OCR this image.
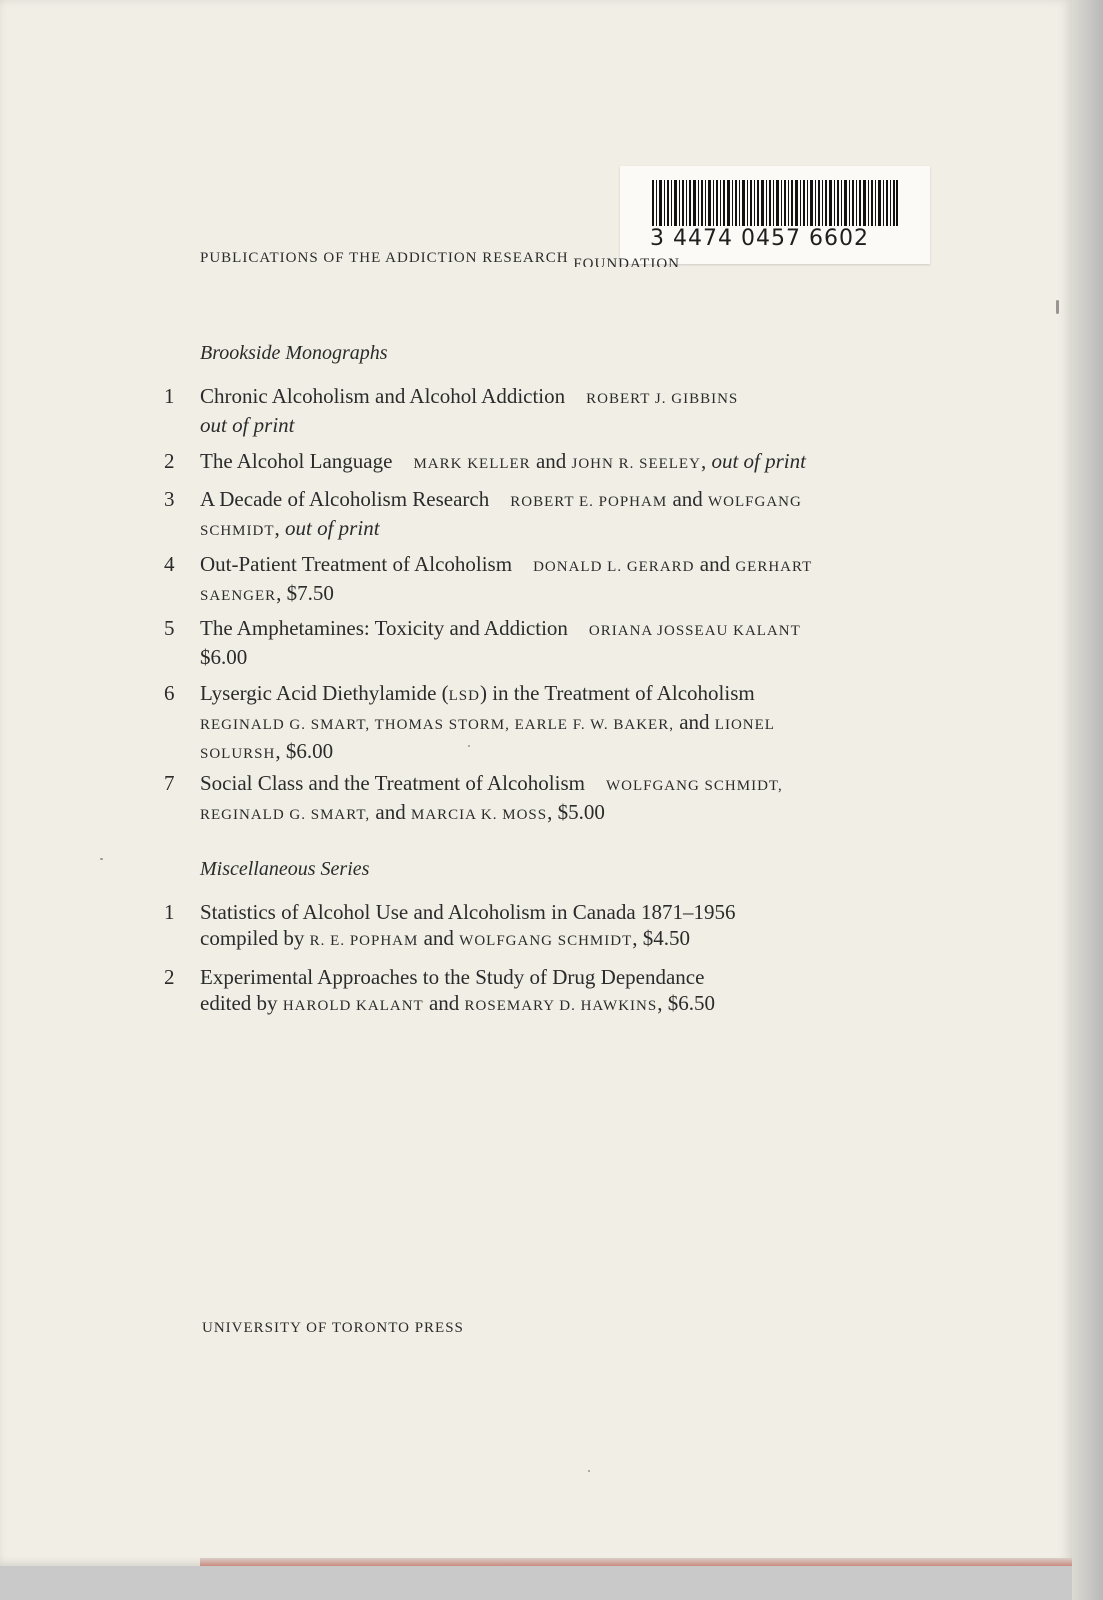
3 4474 0457 6602
PUBLICATIONS OF THE ADDICTION RESEARCH FOUNDATION
Brookside Monographs
1	Chronic Alcoholism and Alcohol Addiction ROBERT J. GIBBINS
out of print
2	The Alcohol Language MARK KELLER and JOHN R. SEELEY, out of print
3	A Decade of Alcoholism Research ROBERT E. POPHAM and WOLFGANG
SCHMIDT, out of print
4	Out-Patient Treatment of Alcoholism DONALD L. GERARD and GERHART
SAENGER, $7.50
5	The Amphetamines: Toxicity and Addiction ORIANA JOSSEAU KALANT
$6.00
6	Lysergic Acid Diethylamide (LSD) in the Treatment of Alcoholism
REGINALD G. SMART, THOMAS STORM, EARLE F. W. BAKER, and LIONEL
SOLURSH, $6.00
7	Social Class and the Treatment of Alcoholism WOLFGANG SCHMIDT,
REGINALD G. SMART, and MARCIA K. MOSS, $5.00
Miscellaneous Series
1	Statistics of Alcohol Use and Alcoholism in Canada 1871–1956
compiled by R. E. POPHAM and WOLFGANG SCHMIDT, $4.50
2	Experimental Approaches to the Study of Drug Dependance
edited by HAROLD KALANT and ROSEMARY D. HAWKINS, $6.50
UNIVERSITY OF TORONTO PRESS
